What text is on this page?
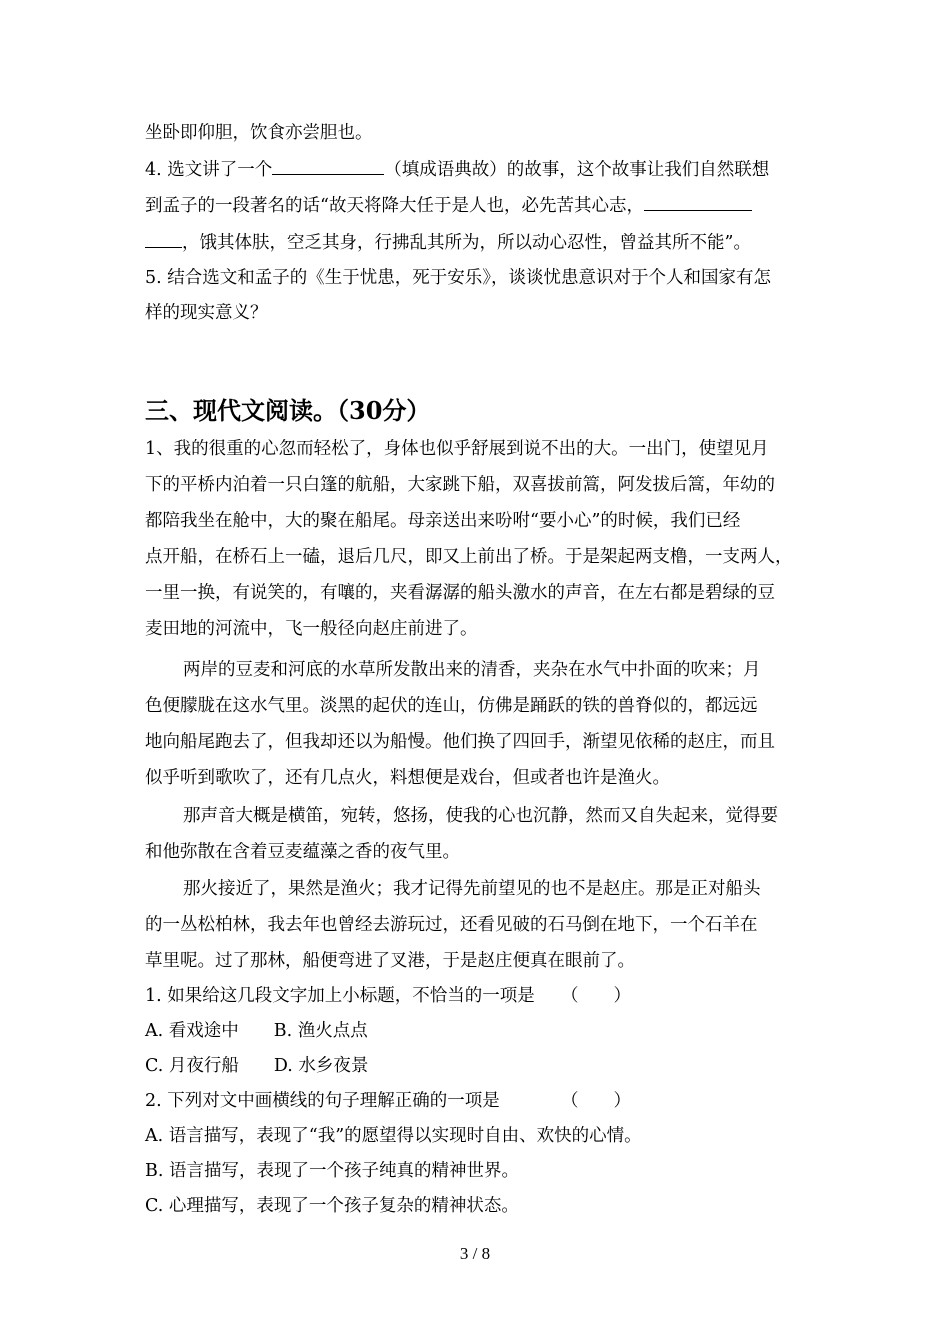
坐卧即仰胆，饮食亦尝胆也。
4. 选文讲了一个	（填成语典故）的故事，这个故事让我们自然联想
到孟子的一段著名的话“故天将降大任于是人也，必先苦其心志，
，饿其体肤，空乏其身，行拂乱其所为，所以动心忍性，曾益其所不能”。
5. 结合选文和孟子的《生于忧患，死于安乐》，谈谈忧患意识对于个人和国家有怎
样的现实意义？
三、现代文阅读。（30分）
1、我的很重的心忽而轻松了，身体也似乎舒展到说不出的大。一出门，使望见月
下的平桥内泊着一只白篷的航船，大家跳下船，双喜拔前篙，阿发拔后篙，年幼的
都陪我坐在舱中，大的聚在船尾。母亲送出来吩咐“要小心”的时候，我们已经
点开船，在桥石上一磕，退后几尺，即又上前出了桥。于是架起两支橹，一支两人，
一里一换，有说笑的，有嚷的，夹看潺潺的船头激水的声音，在左右都是碧绿的豆
麦田地的河流中，飞一般径向赵庄前进了。
两岸的豆麦和河底的水草所发散出来的清香，夹杂在水气中扑面的吹来；月
色便朦胧在这水气里。淡黑的起伏的连山，仿佛是踊跃的铁的兽脊似的，都远远
地向船尾跑去了，但我却还以为船慢。他们换了四回手，渐望见依稀的赵庄，而且
似乎听到歌吹了，还有几点火，料想便是戏台，但或者也许是渔火。
那声音大概是横笛，宛转，悠扬，使我的心也沉静，然而又自失起来，觉得要
和他弥散在含着豆麦蕴藻之香的夜气里。
那火接近了，果然是渔火；我才记得先前望见的也不是赵庄。那是正对船头
的一丛松柏林，我去年也曾经去游玩过，还看见破的石马倒在地下，一个石羊在
草里呢。过了那林，船便弯进了叉港，于是赵庄便真在眼前了。
1. 如果给这几段文字加上小标题，不恰当的一项是　　（　　）
A. 看戏途中　　B. 渔火点点
C. 月夜行船　　D. 水乡夜景
2. 下列对文中画横线的句子理解正确的一项是　　　　（　　）
A. 语言描写，表现了“我”的愿望得以实现时自由、欢快的心情。
B. 语言描写，表现了一个孩子纯真的精神世界。
C. 心理描写，表现了一个孩子复杂的精神状态。
3 / 8
